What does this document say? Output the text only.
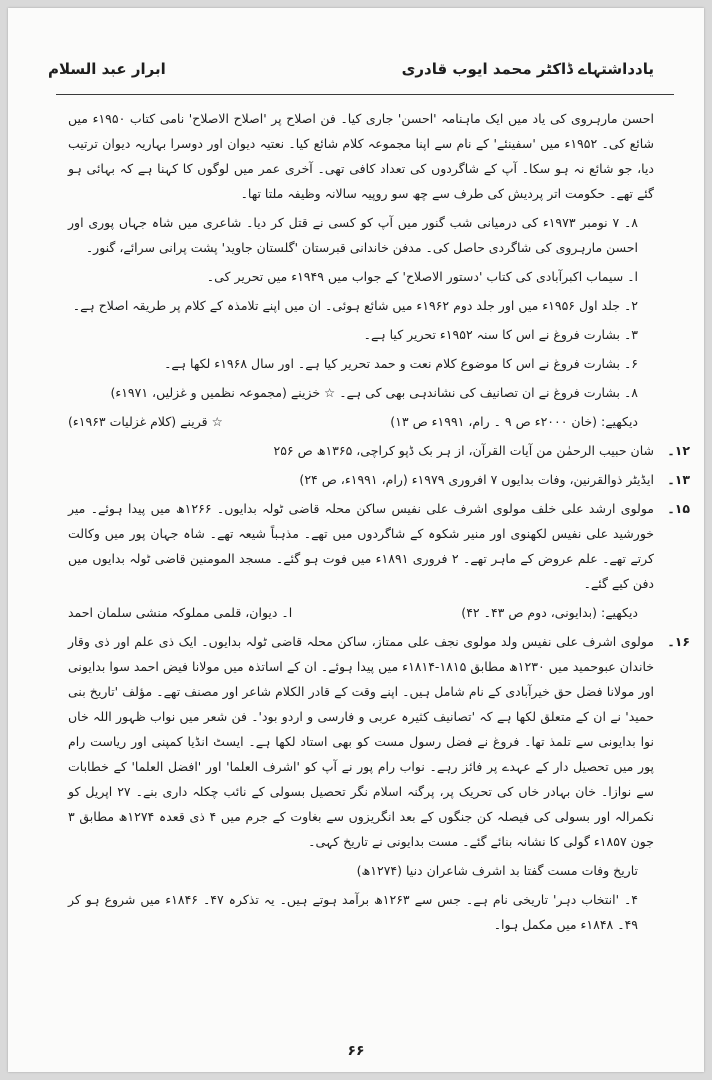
یادداشتہاے ڈاکٹر محمد ایوب قادری
ابرار عبد السلام

احسن مارہروی کی یاد میں ایک ماہنامہ 'احسن' جاری کیا۔ فن اصلاح پر 'اصلاح الاصلاح' نامی کتاب ۱۹۵۰ء میں شائع کی۔ ۱۹۵۲ء میں 'سفینئے' کے نام سے اپنا مجموعہ کلام شائع کیا۔ نعتیہ دیوان اور دوسرا بہاریہ دیوان ترتیب دیا، جو شائع نہ ہو سکا۔ آپ کے شاگردوں کی تعداد کافی تھی۔ آخری عمر میں لوگوں کا کہنا ہے کہ بہائی ہو گئے تھے۔ حکومت اتر پردیش کی طرف سے چھ سو روپیہ سالانہ وظیفہ ملتا تھا۔

۸۔ ۷ نومبر ۱۹۷۳ء کی درمیانی شب گنور میں آپ کو کسی نے قتل کر دیا۔ شاعری میں شاہ جہاں پوری اور احسن مارہروی کی شاگردی حاصل کی۔ مدفن خاندانی قبرستان 'گلستان جاوید' پشت پرانی سرائے، گنور۔

ا۔ سیماب اکبرآبادی کی کتاب 'دستور الاصلاح' کے جواب میں ۱۹۴۹ء میں تحریر کی۔

۲۔ جلد اول ۱۹۵۶ء میں اور جلد دوم ۱۹۶۲ء میں شائع ہوئی۔ ان میں اپنے تلامذہ کے کلام پر طریقہ اصلاح ہے۔

۳۔ بشارت فروغ نے اس کا سنہ ۱۹۵۲ء تحریر کیا ہے۔

۶۔ بشارت فروغ نے اس کا موضوع کلام نعت و حمد تحریر کیا ہے۔ اور سال ۱۹۶۸ء لکھا ہے۔

۸۔ بشارت فروغ نے ان تصانیف کی نشاندہی بھی کی ہے۔ ☆ خزینے (مجموعہ نظمیں و غزلیں، ۱۹۷۱ء)

دیکھیے: (خان ۲۰۰۰ء ص ۹ ۔ رام، ۱۹۹۱ء ص ۱۳)
☆ قرینے (کلام غزلیات ۱۹۶۳ء)
۱۲۔

شان حبیب الرحمٰن من آیات القرآن، از ہر بک ڈپو کراچی، ۱۳۶۵ھ ص ۲۵۶

۱۳۔

ایڈیٹر ذوالقرنین، وفات بدایوں ۷ افروری ۱۹۷۹ء (رام، ۱۹۹۱ء، ص ۲۴)

۱۵۔

مولوی ارشد علی خلف مولوی اشرف علی نفیس ساکن محلہ قاضی ٹولہ بدایوں۔ ۱۲۶۶ھ میں پیدا ہوئے۔ میر خورشید علی نفیس لکھنوی اور منیر شکوہ کے شاگردوں میں تھے۔ مذہباً شیعہ تھے۔ شاہ جہان پور میں وکالت کرتے تھے۔ علم عروض کے ماہر تھے۔ ۲ فروری ۱۸۹۱ء میں فوت ہو گئے۔ مسجد المومنین قاضی ٹولہ بدایوں میں دفن کیے گئے۔

دیکھیے: (بدایونی، دوم ص ۴۳۔ ۴۲)
ا۔ دیوان، قلمی مملوکہ منشی سلمان احمد
۱۶۔

مولوی اشرف علی نفیس ولد مولوی نجف علی ممتاز، ساکن محلہ قاضی ٹولہ بدایوں۔ ایک ذی علم اور ذی وقار خاندان عبوحمید میں ۱۲۳۰ھ مطابق ۱۸۱۵-۱۸۱۴ء میں پیدا ہوئے۔ ان کے اساتذہ میں مولانا فیض احمد سوا بدایونی اور مولانا فضل حق خیرآبادی کے نام شامل ہیں۔ اپنے وقت کے قادر الکلام شاعر اور مصنف تھے۔ مؤلف 'تاریخ بنی حمید' نے ان کے متعلق لکھا ہے کہ 'تصانیف کثیرہ عربی و فارسی و اردو بود'۔ فن شعر میں نواب ظہور اللہ خاں نوا بدایونی سے تلمذ تھا۔ فروغ نے فضل رسول مست کو بھی استاد لکھا ہے۔ ایسٹ انڈیا کمپنی اور ریاست رام پور میں تحصیل دار کے عہدے پر فائز رہے۔ نواب رام پور نے آپ کو 'اشرف العلما' اور 'افضل العلما' کے خطابات سے نوازا۔ خان بہادر خاں کی تحریک پر، پرگنہ اسلام نگر تحصیل بسولی کے نائب چکلہ داری بنے۔ ۲۷ اپریل کو نکمرالہ اور بسولی کی فیصلہ کن جنگوں کے بعد انگریزوں سے بغاوت کے جرم میں ۴ ذی قعدہ ۱۲۷۴ھ مطابق ۳ جون ۱۸۵۷ء گولی کا نشانہ بنائے گئے۔ مست بدایونی نے تاریخ کہی۔

تاریخ وفات مست گفتا بد اشرف شاعران دنیا (۱۲۷۴ھ)

۴۔ 'انتخاب دہر' تاریخی نام ہے۔ جس سے ۱۲۶۳ھ برآمد ہوتے ہیں۔ یہ تذکرہ ۴۷۔ ۱۸۴۶ء میں شروع ہو کر ۴۹۔ ۱۸۴۸ء میں مکمل ہوا۔

۶۶
